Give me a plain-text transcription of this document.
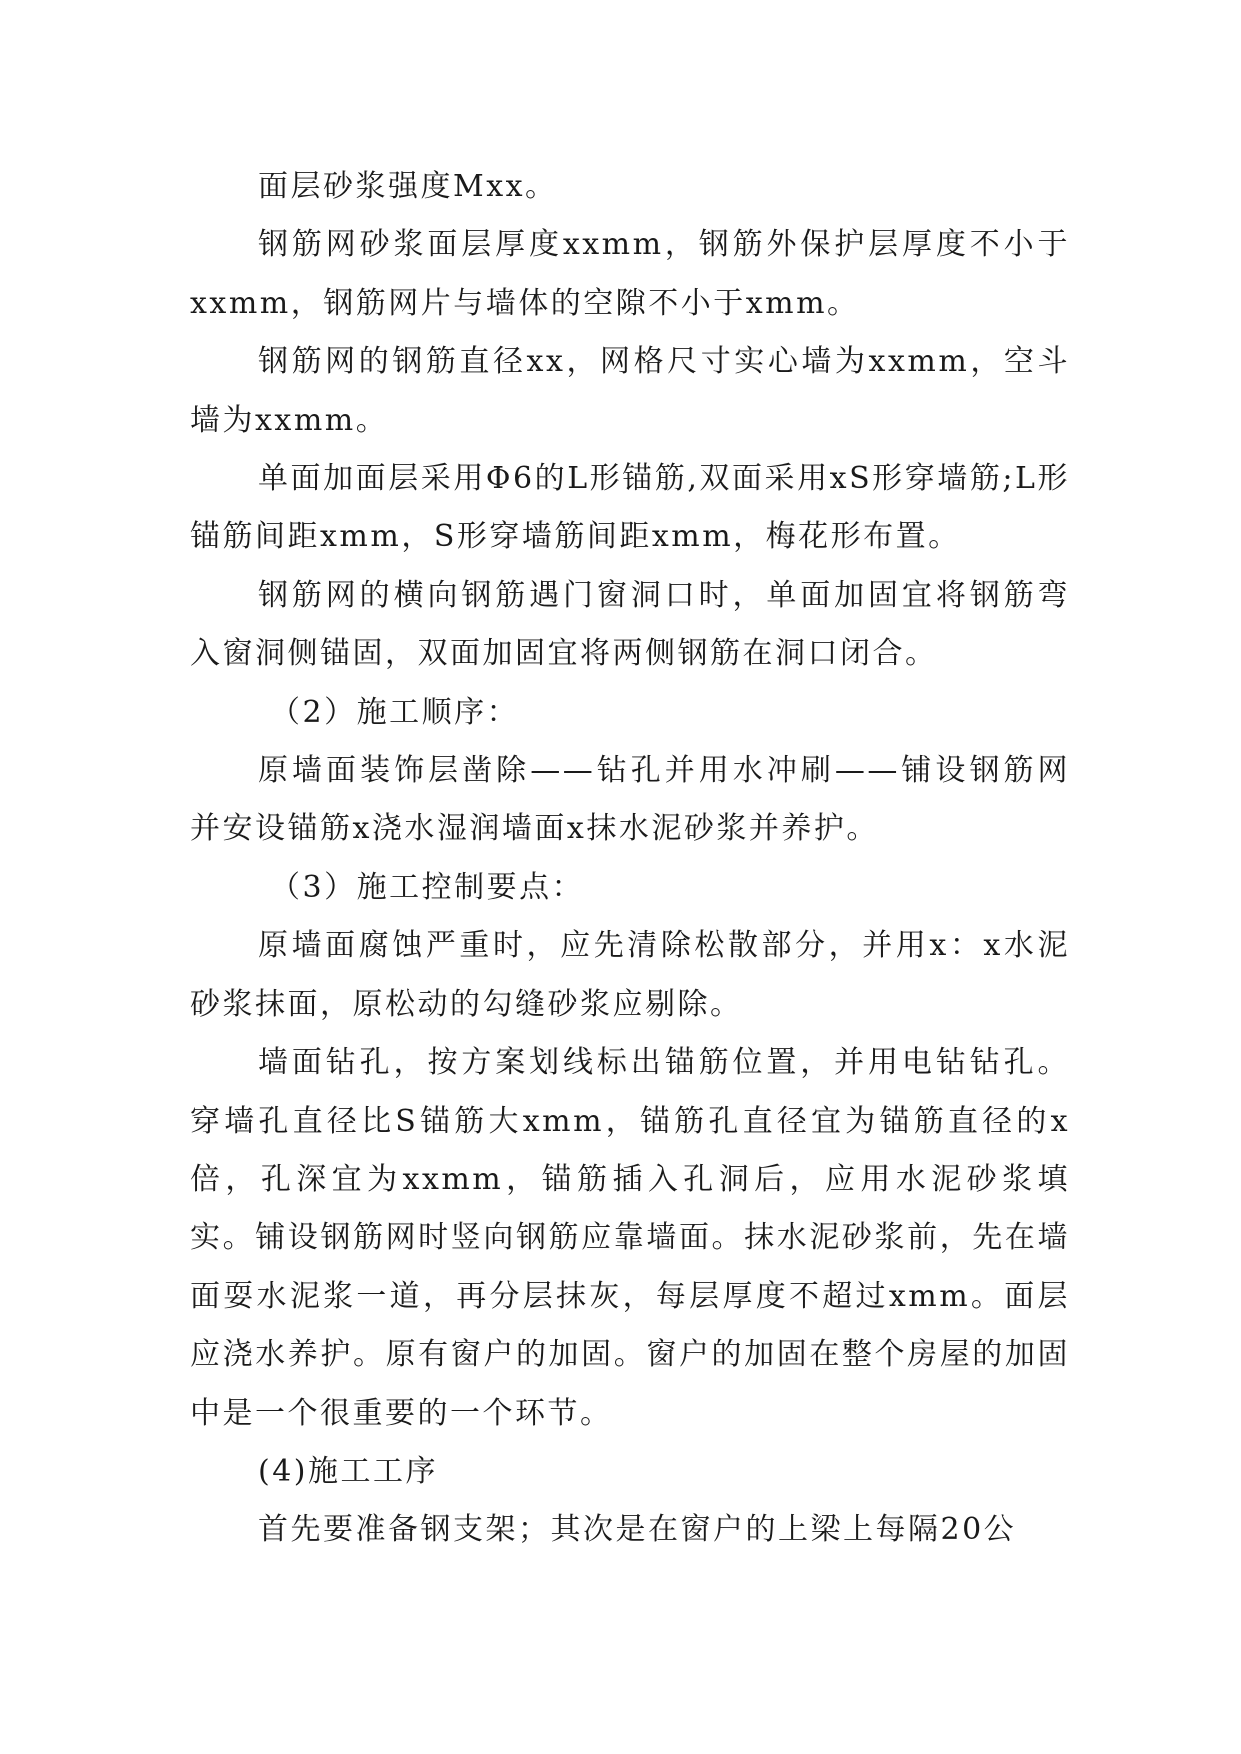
面层砂浆强度Mxx。

钢筋网砂浆面层厚度xxmm，钢筋外保护层厚度不小于xxmm，钢筋网片与墙体的空隙不小于xmm。

钢筋网的钢筋直径xx，网格尺寸实心墙为xxmm，空斗墙为xxmm。

单面加面层采用Φ6的L形锚筋,双面采用xS形穿墙筋;L形锚筋间距xmm，S形穿墙筋间距xmm，梅花形布置。

钢筋网的横向钢筋遇门窗洞口时，单面加固宜将钢筋弯入窗洞侧锚固，双面加固宜将两侧钢筋在洞口闭合。

（2）施工顺序：

原墙面装饰层凿除——钻孔并用水冲刷——铺设钢筋网并安设锚筋x浇水湿润墙面x抹水泥砂浆并养护。

（3）施工控制要点：

原墙面腐蚀严重时，应先清除松散部分，并用x：x水泥砂浆抹面，原松动的勾缝砂浆应剔除。

墙面钻孔，按方案划线标出锚筋位置，并用电钻钻孔。穿墙孔直径比S锚筋大xmm，锚筋孔直径宜为锚筋直径的x倍，孔深宜为xxmm，锚筋插入孔洞后，应用水泥砂浆填实。铺设钢筋网时竖向钢筋应靠墙面。抹水泥砂浆前，先在墙面耍水泥浆一道，再分层抹灰，每层厚度不超过xmm。面层应浇水养护。原有窗户的加固。窗户的加固在整个房屋的加固中是一个很重要的一个环节。

(4)施工工序

首先要准备钢支架；其次是在窗户的上梁上每隔20公
